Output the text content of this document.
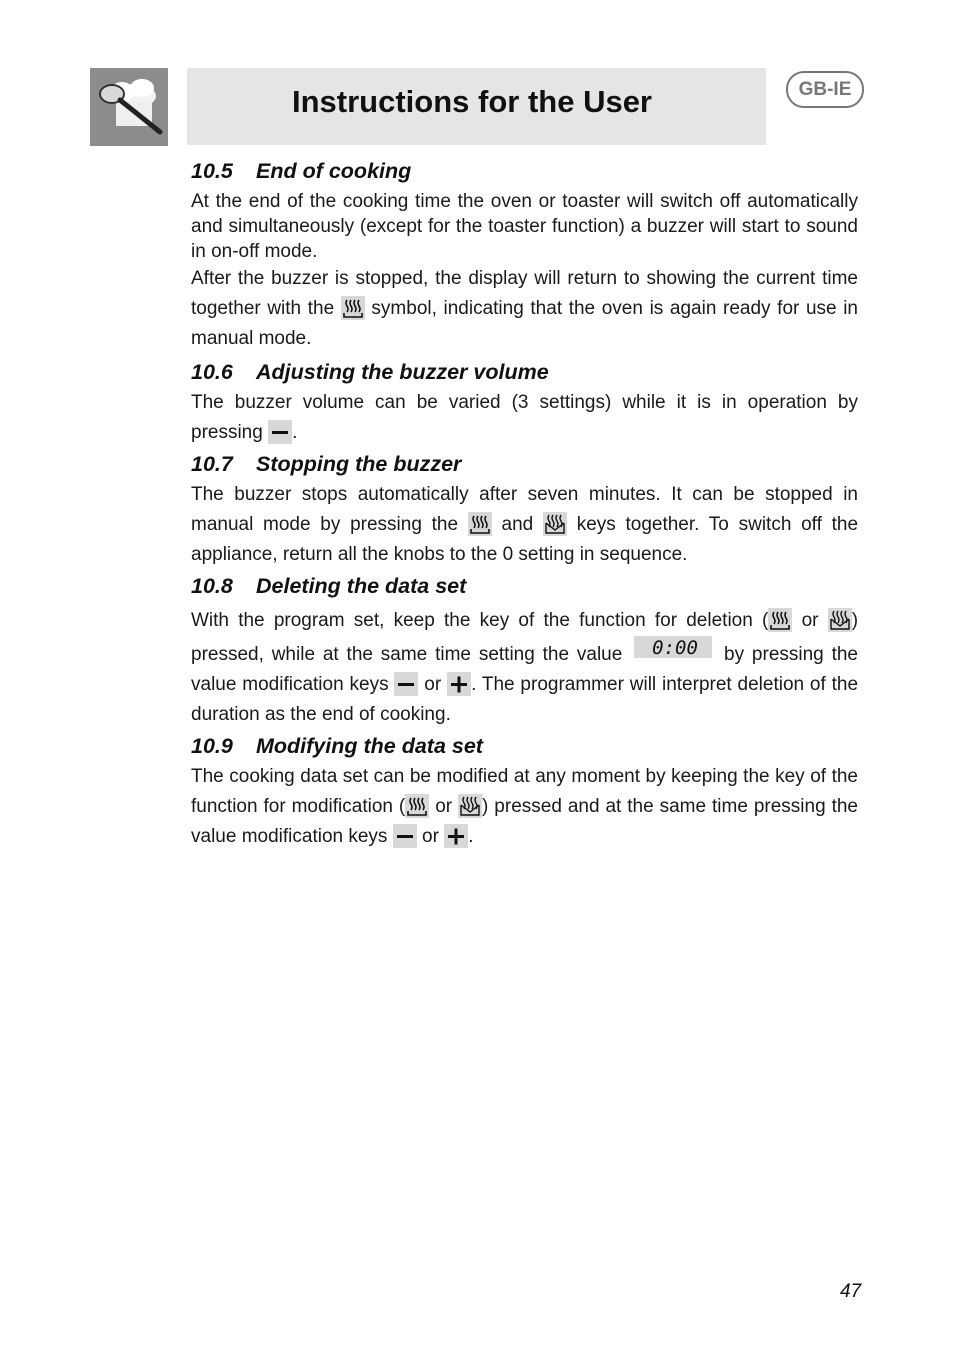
Instructions for the User	GB-IE
10.5 End of cooking

At the end of the cooking time the oven or toaster will switch off automatically and simultaneously (except for the toaster function) a buzzer will start to sound in on-off mode.

After the buzzer is stopped, the display will return to showing the current time together with the symbol, indicating that the oven is again ready for use in manual mode.

10.6 Adjusting the buzzer volume

The buzzer volume can be varied (3 settings) while it is in operation by pressing .

10.7 Stopping the buzzer

The buzzer stops automatically after seven minutes. It can be stopped in manual mode by pressing the and keys together. To switch off the appliance, return all the knobs to the 0 setting in sequence.

10.8 Deleting the data set

With the program set, keep the key of the function for deletion ( or ) pressed, while at the same time setting the value 0:00 by pressing the value modification keys or . The programmer will interpret deletion of the duration as the end of cooking.

10.9 Modifying the data set

The cooking data set can be modified at any moment by keeping the key of the function for modification ( or ) pressed and at the same time pressing the value modification keys or .

47
